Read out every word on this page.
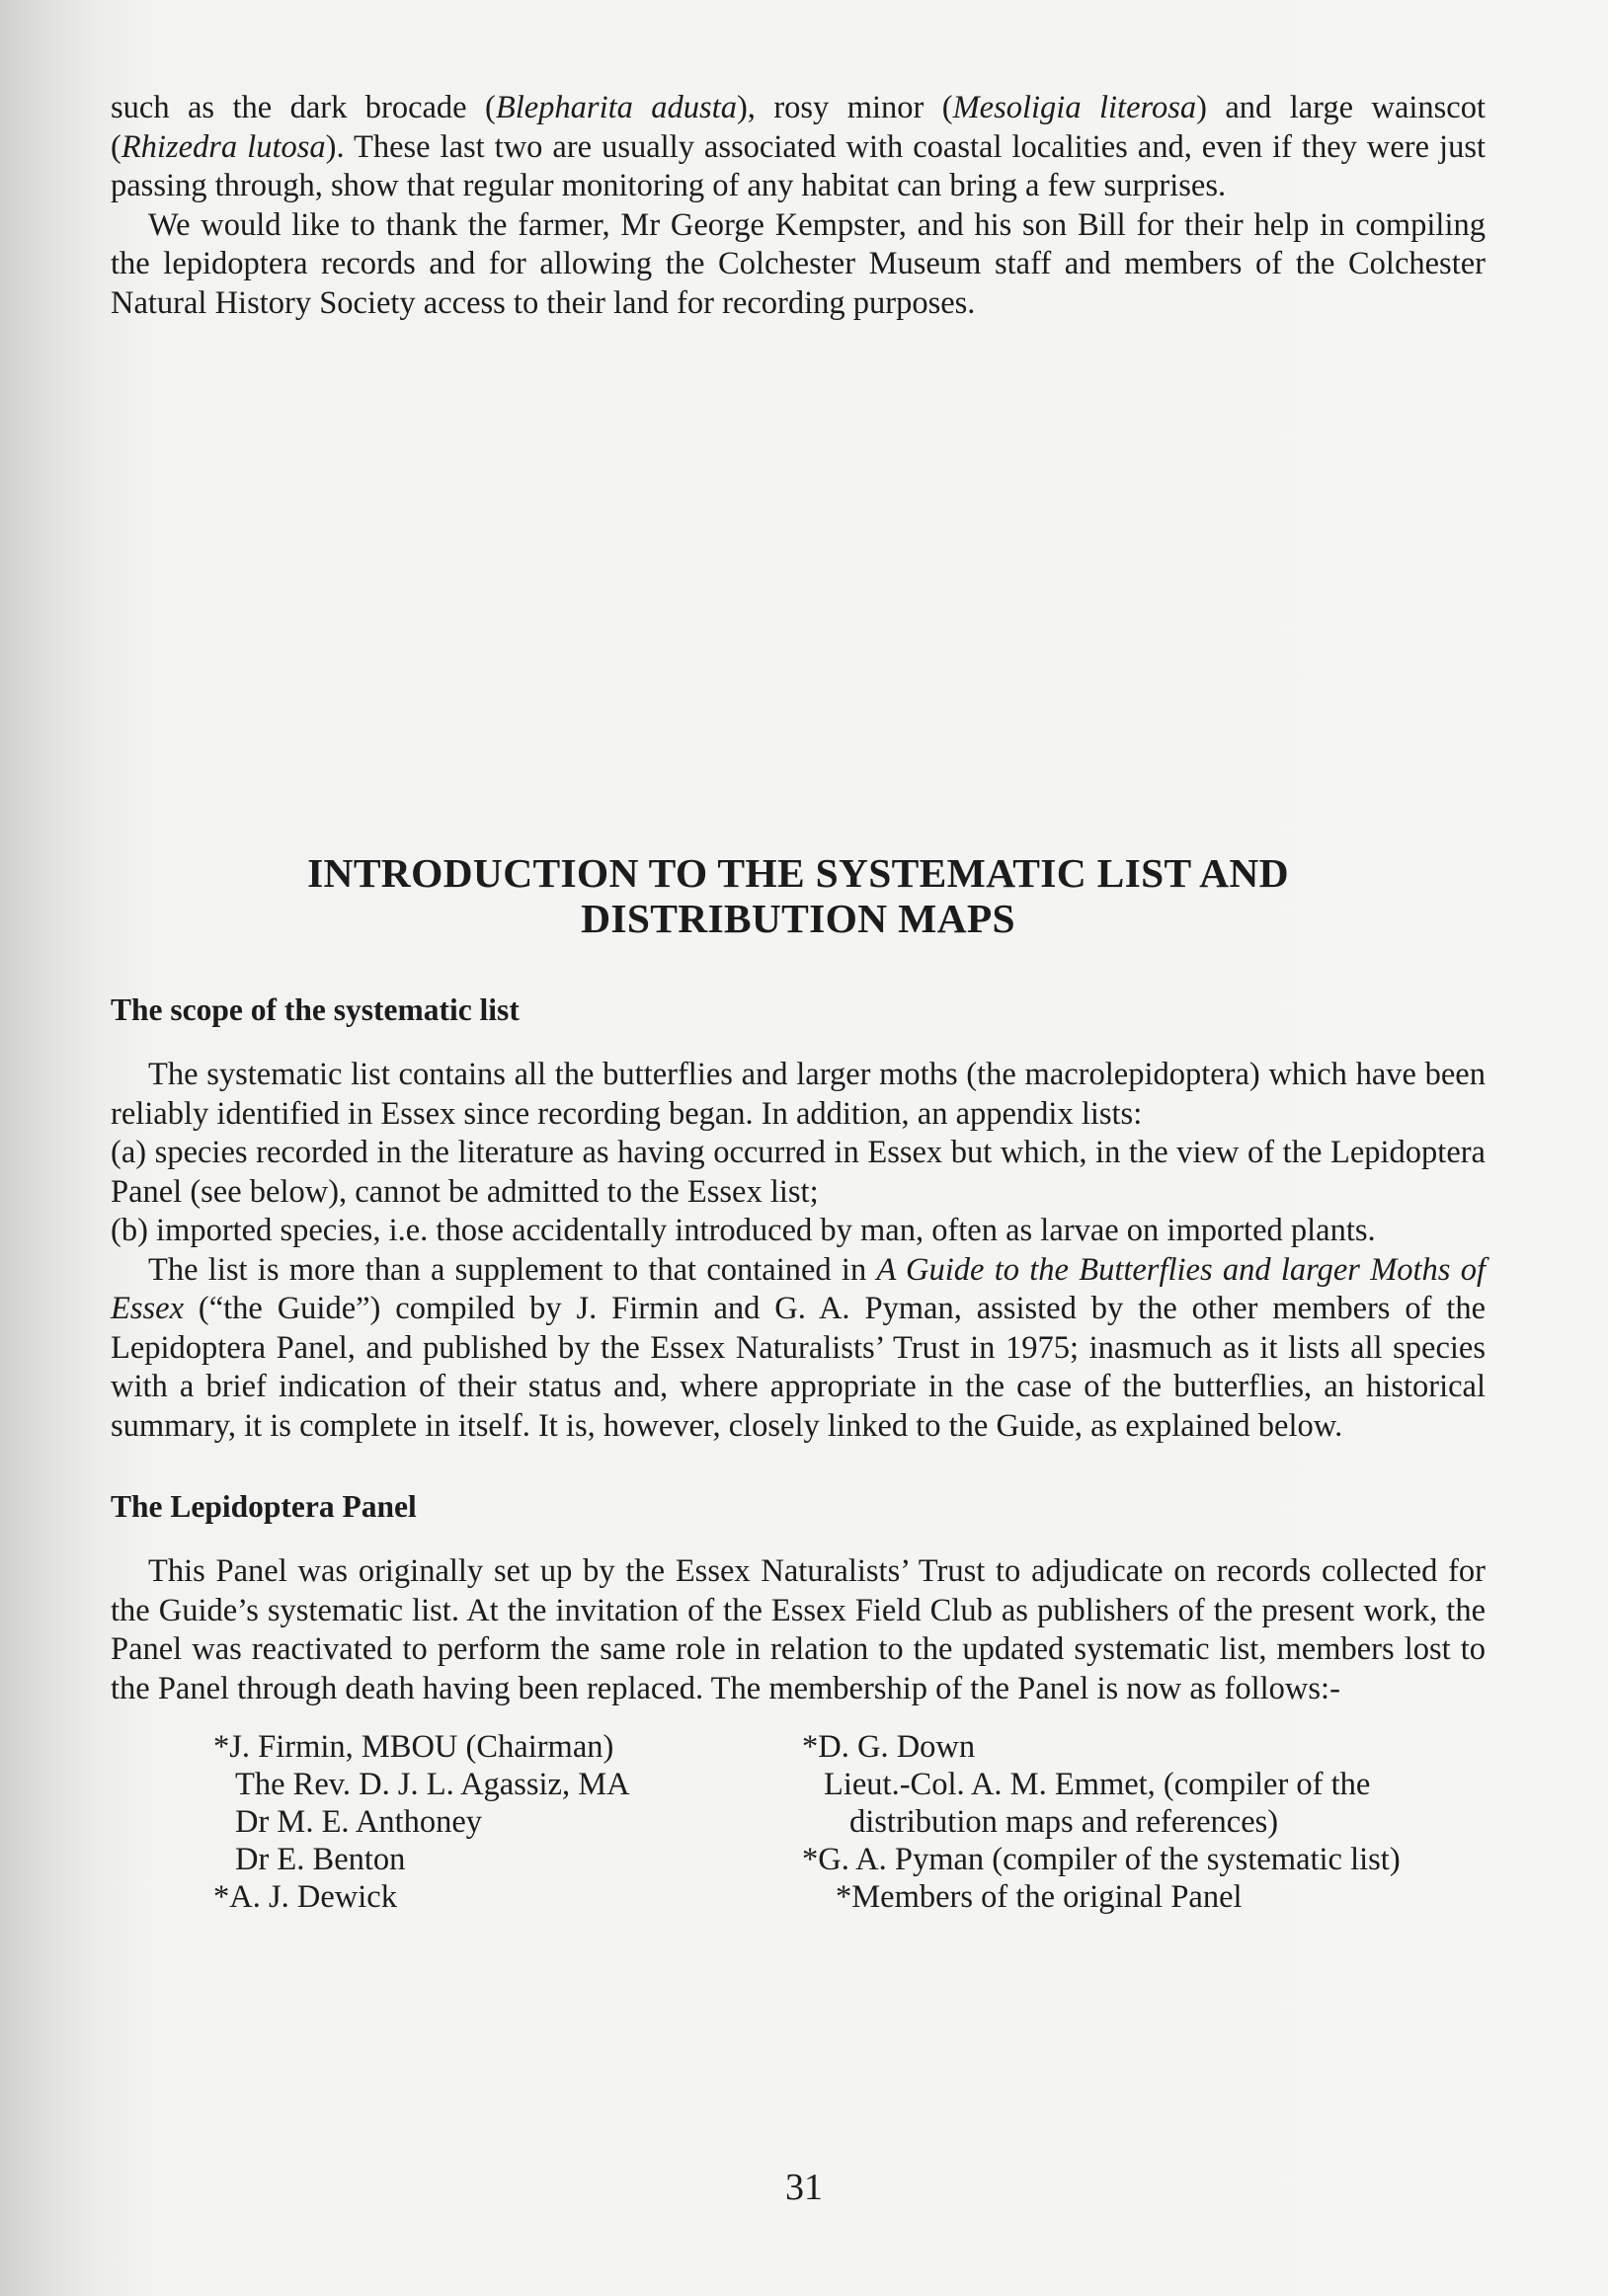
such as the dark brocade (Blepharita adusta), rosy minor (Mesoligia literosa) and large wainscot (Rhizedra lutosa). These last two are usually associated with coastal localities and, even if they were just passing through, show that regular monitoring of any habitat can bring a few surprises.

We would like to thank the farmer, Mr George Kempster, and his son Bill for their help in compiling the lepidoptera records and for allowing the Colchester Museum staff and members of the Colchester Natural History Society access to their land for recording purposes.

INTRODUCTION TO THE SYSTEMATIC LIST AND
DISTRIBUTION MAPS
The scope of the systematic list

The systematic list contains all the butterflies and larger moths (the macrolepidoptera) which have been reliably identified in Essex since recording began. In addition, an appendix lists:

(a) species recorded in the literature as having occurred in Essex but which, in the view of the Lepidoptera Panel (see below), cannot be admitted to the Essex list;

(b) imported species, i.e. those accidentally introduced by man, often as larvae on imported plants.

The list is more than a supplement to that contained in A Guide to the Butterflies and larger Moths of Essex (“the Guide”) compiled by J. Firmin and G. A. Pyman, assisted by the other members of the Lepidoptera Panel, and published by the Essex Naturalists’ Trust in 1975; inasmuch as it lists all species with a brief indication of their status and, where appropriate in the case of the butterflies, an historical summary, it is complete in itself. It is, however, closely linked to the Guide, as explained below.

The Lepidoptera Panel

This Panel was originally set up by the Essex Naturalists’ Trust to adjudicate on records collected for the Guide’s systematic list. At the invitation of the Essex Field Club as publishers of the present work, the Panel was reactivated to perform the same role in relation to the updated systematic list, members lost to the Panel through death having been replaced. The membership of the Panel is now as follows:-

*J. Firmin, MBOU (Chairman)
The Rev. D. J. L. Agassiz, MA
Dr M. E. Anthoney
Dr E. Benton
*A. J. Dewick
*D. G. Down
Lieut.-Col. A. M. Emmet, (compiler of the
distribution maps and references)
*G. A. Pyman (compiler of the systematic list)
*Members of the original Panel
31
